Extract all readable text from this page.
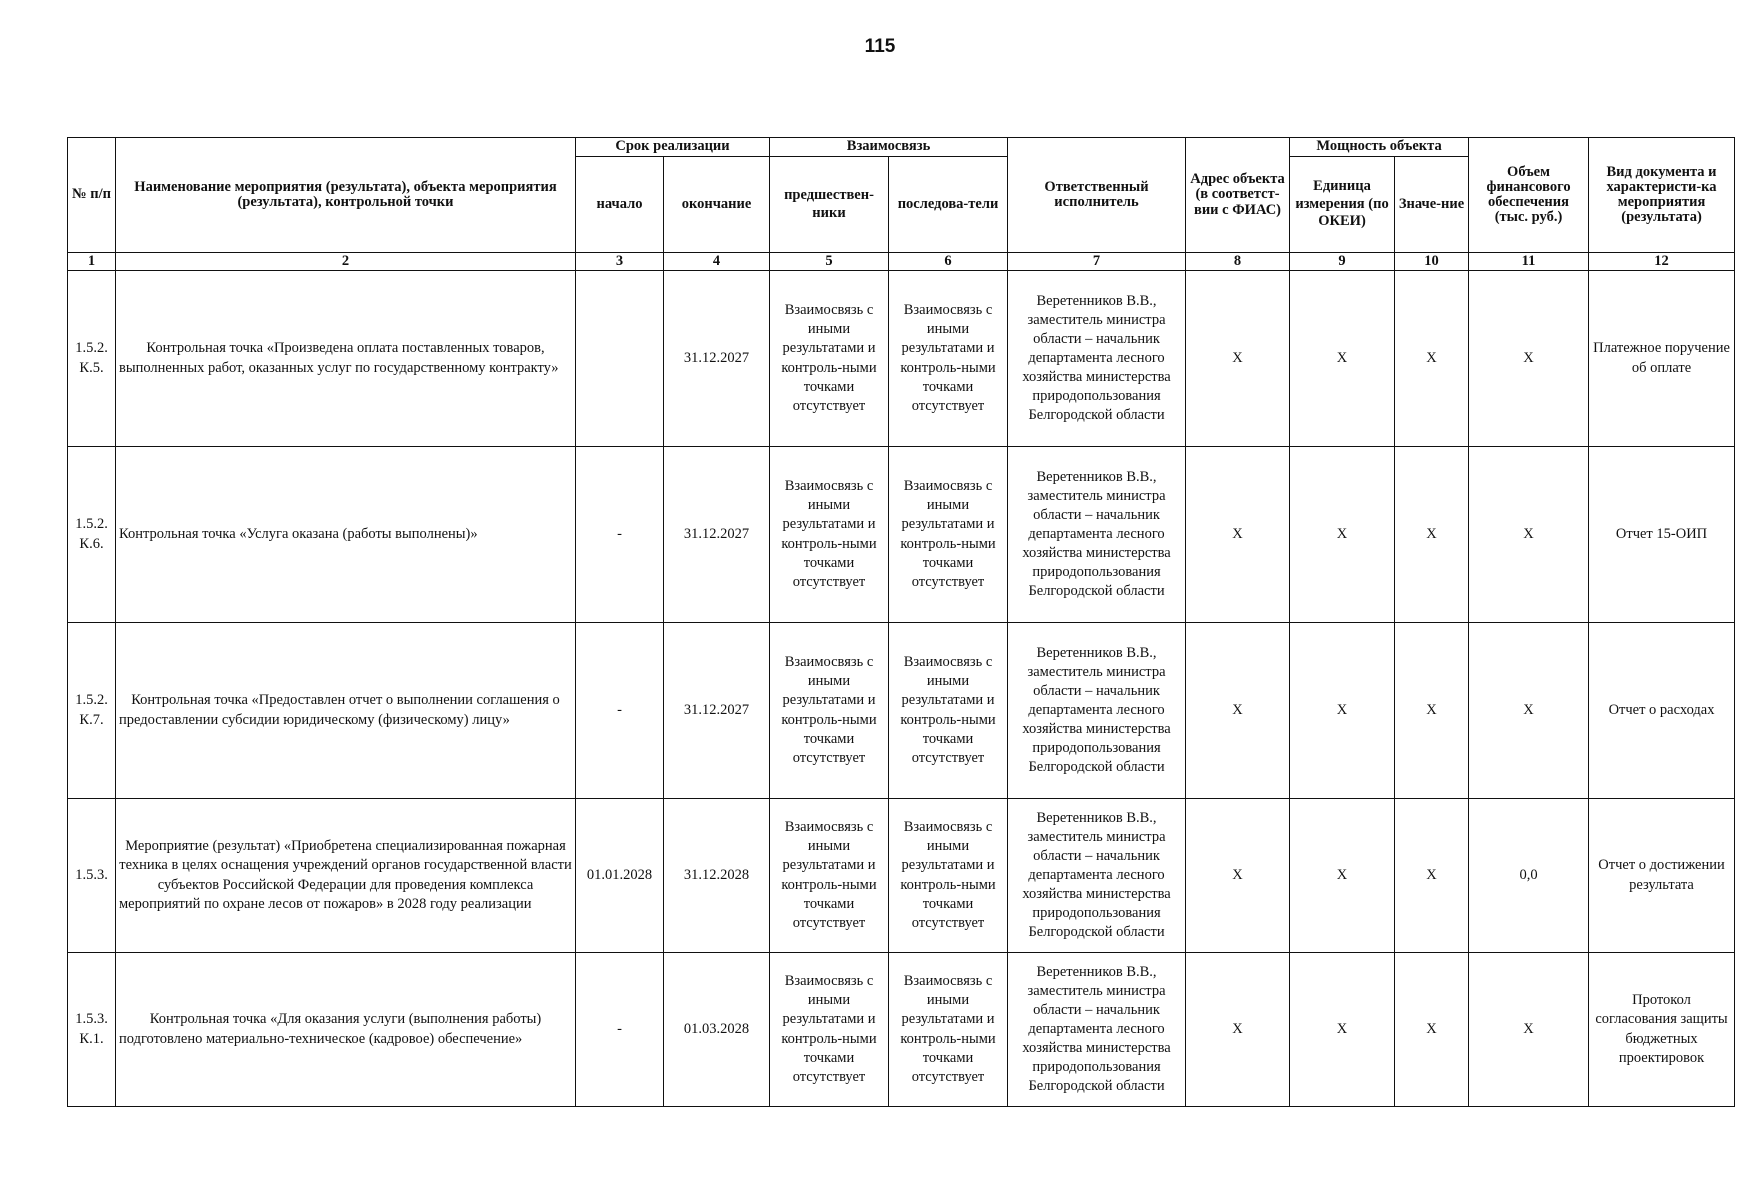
115
№ п/п	Наименование мероприятия (результата), объекта мероприятия (результата), контрольной точки	Срок реализации		Взаимосвязь		Ответственный исполнитель	Адрес объекта (в соответст-вии с ФИАС)	Мощность объекта		Объем финансового обеспечения (тыс. руб.)	Вид документа и характеристи-ка мероприятия (результата)
		начало	окончание	предшествен-ники	последова-тели			Единица измерения (по ОКЕИ)	Значе-ние		
1	2	3	4	5	6	7	8	9	10	11	12
1.5.2. К.5.	Контрольная точка «Произведена оплата поставленных товаров, выполненных работ, оказанных услуг по государственному контракту»		31.12.2027	Взаимосвязь с иными результатами и контроль-ными точками отсутствует	Взаимосвязь с иными результатами и контроль-ными точками отсутствует	Веретенников В.В., заместитель министра области – начальник департамента лесного хозяйства министерства природопользования Белгородской области	X	X	X	X	Платежное поручение об оплате
1.5.2. К.6.	Контрольная точка «Услуга оказана (работы выполнены)»	-	31.12.2027	Взаимосвязь с иными результатами и контроль-ными точками отсутствует	Взаимосвязь с иными результатами и контроль-ными точками отсутствует	Веретенников В.В., заместитель министра области – начальник департамента лесного хозяйства министерства природопользования Белгородской области	X	X	X	X	Отчет 15-ОИП
1.5.2. К.7.	Контрольная точка «Предоставлен отчет о выполнении соглашения о предоставлении субсидии юридическому (физическому) лицу»	-	31.12.2027	Взаимосвязь с иными результатами и контроль-ными точками отсутствует	Взаимосвязь с иными результатами и контроль-ными точками отсутствует	Веретенников В.В., заместитель министра области – начальник департамента лесного хозяйства министерства природопользования Белгородской области	X	X	X	X	Отчет о расходах
1.5.3.	Мероприятие (результат) «Приобретена специализированная пожарная техника в целях оснащения учреждений органов государственной власти субъектов Российской Федерации для проведения комплекса мероприятий по охране лесов от пожаров» в 2028 году реализации	01.01.2028	31.12.2028	Взаимосвязь с иными результатами и контроль-ными точками отсутствует	Взаимосвязь с иными результатами и контроль-ными точками отсутствует	Веретенников В.В., заместитель министра области – начальник департамента лесного хозяйства министерства природопользования Белгородской области	X	X	X	0,0	Отчет о достижении результата
1.5.3. К.1.	Контрольная точка «Для оказания услуги (выполнения работы) подготовлено материально-техническое (кадровое) обеспечение»	-	01.03.2028	Взаимосвязь с иными результатами и контроль-ными точками отсутствует	Взаимосвязь с иными результатами и контроль-ными точками отсутствует	Веретенников В.В., заместитель министра области – начальник департамента лесного хозяйства министерства природопользования Белгородской области	X	X	X	X	Протокол согласования защиты бюджетных проектировок
